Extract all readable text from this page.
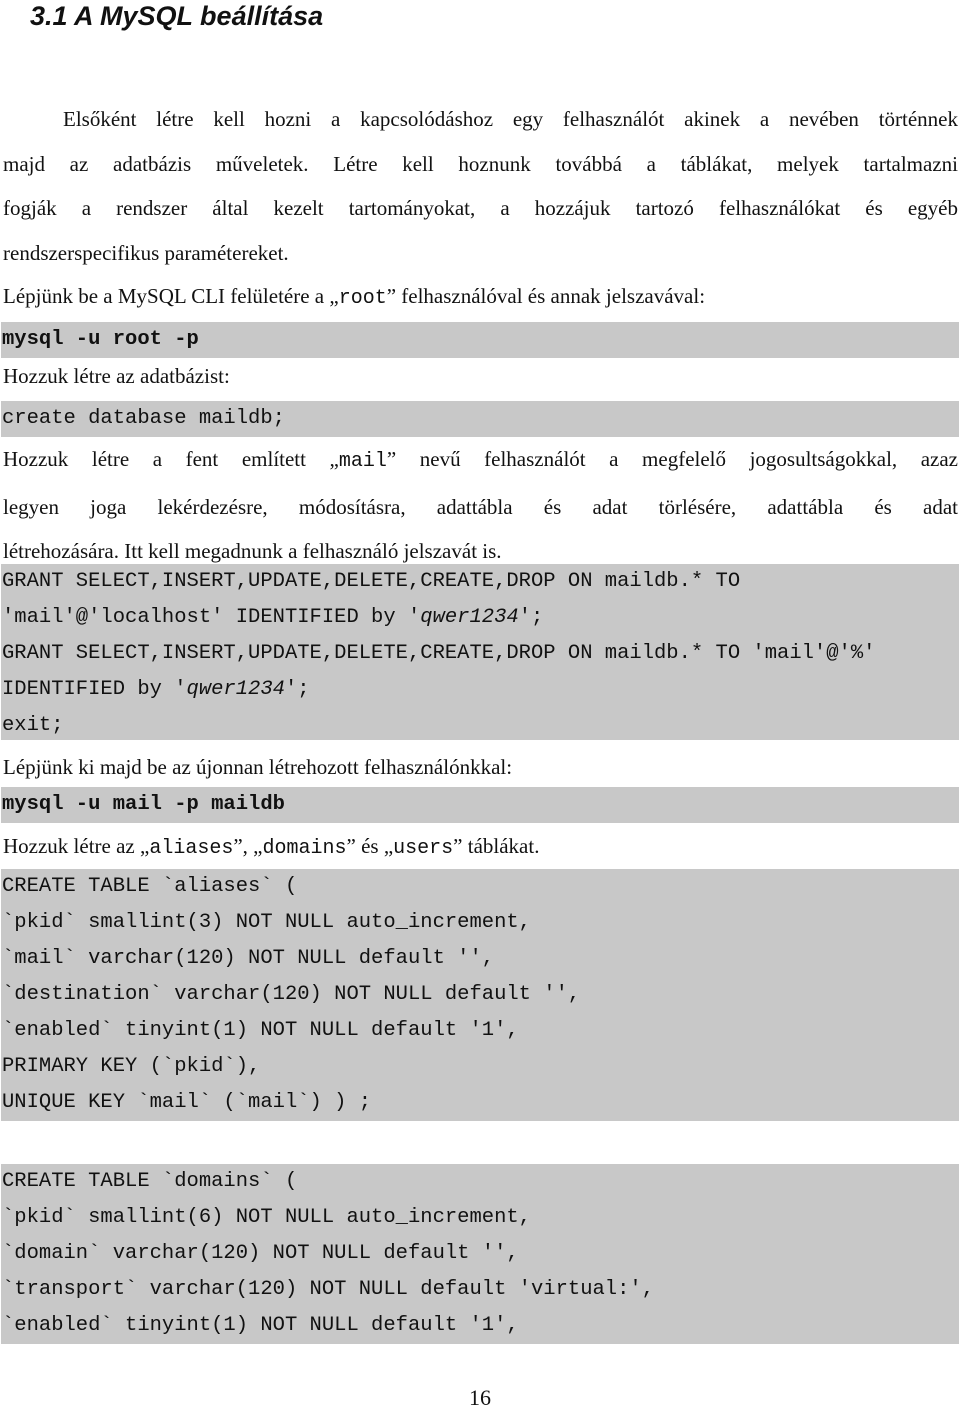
3.1 A MySQL beállítása
Elsőként létre kell hozni a kapcsolódáshoz egy felhasználót akinek a nevében történnek
majd az adatbázis műveletek. Létre kell hoznunk továbbá a táblákat, melyek tartalmazni
fogják a rendszer által kezelt tartományokat, a hozzájuk tartozó felhasználókat és egyéb
rendszerspecifikus paramétereket.
Lépjünk be a MySQL CLI felületére a „root” felhasználóval és annak jelszavával:
mysql -u root -p
Hozzuk létre az adatbázist:
create database maildb;
Hozzuk létre a fent említett „mail” nevű felhasználót a megfelelő jogosultságokkal, azaz
legyen joga lekérdezésre, módosításra, adattábla és adat törlésére, adattábla és adat
létrehozására. Itt kell megadnunk a felhasználó jelszavát is.
GRANT SELECT,INSERT,UPDATE,DELETE,CREATE,DROP ON maildb.* TO
'mail'@'localhost' IDENTIFIED by 'qwer1234';
GRANT SELECT,INSERT,UPDATE,DELETE,CREATE,DROP ON maildb.* TO 'mail'@'%'
IDENTIFIED by 'qwer1234';
exit;
Lépjünk ki majd be az újonnan létrehozott felhasználónkkal:
mysql -u mail -p maildb
Hozzuk létre az „aliases”, „domains” és „users” táblákat.
CREATE TABLE `aliases` (
`pkid` smallint(3) NOT NULL auto_increment,
`mail` varchar(120) NOT NULL default '',
`destination` varchar(120) NOT NULL default '',
`enabled` tinyint(1) NOT NULL default '1',
PRIMARY KEY (`pkid`),
UNIQUE KEY `mail` (`mail`) ) ;
CREATE TABLE `domains` (
`pkid` smallint(6) NOT NULL auto_increment,
`domain` varchar(120) NOT NULL default '',
`transport` varchar(120) NOT NULL default 'virtual:',
`enabled` tinyint(1) NOT NULL default '1',
16
